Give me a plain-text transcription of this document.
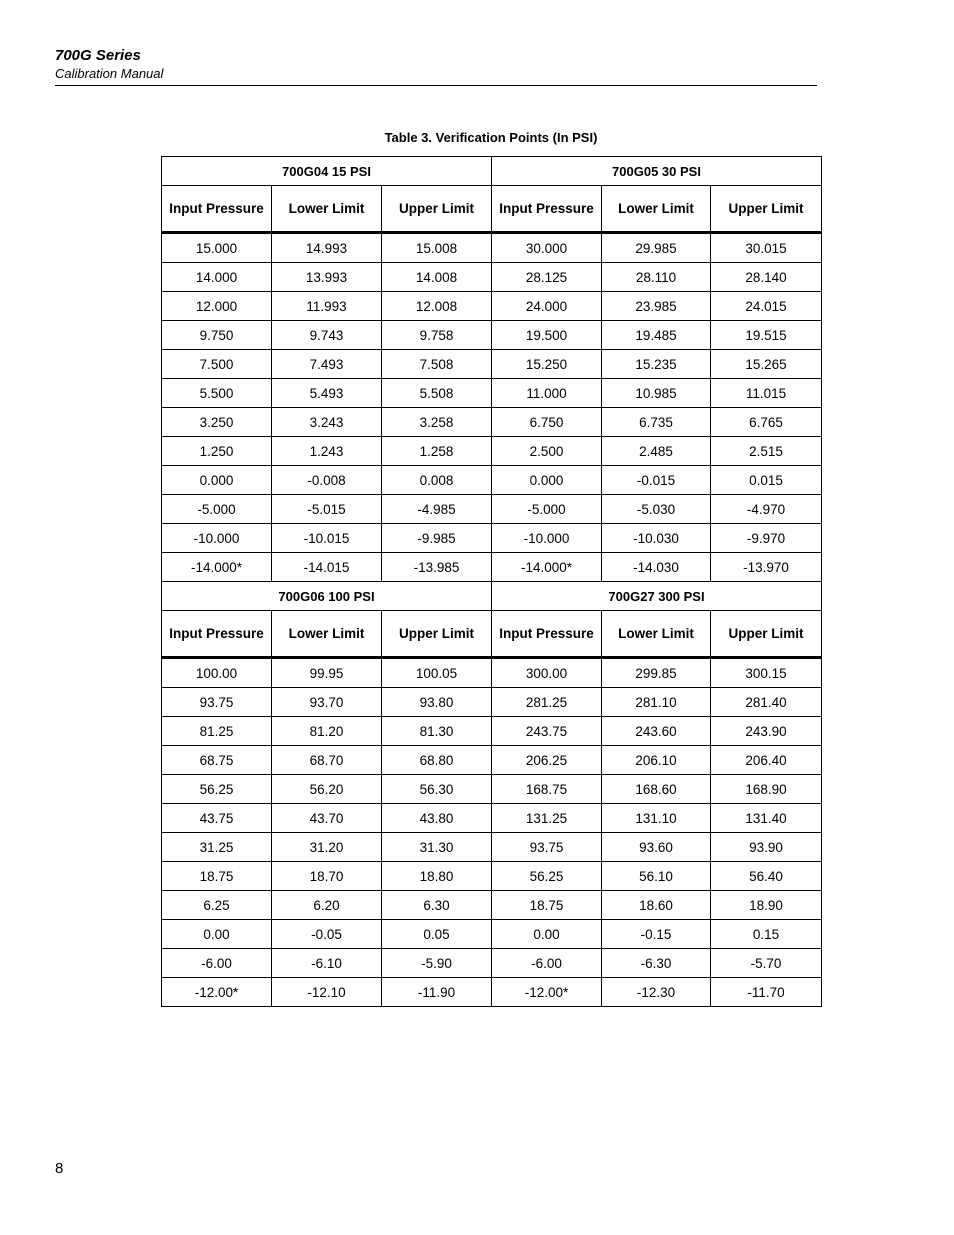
700G Series
Calibration Manual
Table 3. Verification Points (In PSI)
700G04 15 PSI			700G05 30 PSI		
Input Pressure	Lower Limit	Upper Limit	Input Pressure	Lower Limit	Upper Limit
15.000	14.993	15.008	30.000	29.985	30.015
14.000	13.993	14.008	28.125	28.110	28.140
12.000	11.993	12.008	24.000	23.985	24.015
9.750	9.743	9.758	19.500	19.485	19.515
7.500	7.493	7.508	15.250	15.235	15.265
5.500	5.493	5.508	11.000	10.985	11.015
3.250	3.243	3.258	6.750	6.735	6.765
1.250	1.243	1.258	2.500	2.485	2.515
0.000	-0.008	0.008	0.000	-0.015	0.015
-5.000	-5.015	-4.985	-5.000	-5.030	-4.970
-10.000	-10.015	-9.985	-10.000	-10.030	-9.970
-14.000*	-14.015	-13.985	-14.000*	-14.030	-13.970
700G06 100 PSI			700G27 300 PSI		
Input Pressure	Lower Limit	Upper Limit	Input Pressure	Lower Limit	Upper Limit
100.00	99.95	100.05	300.00	299.85	300.15
93.75	93.70	93.80	281.25	281.10	281.40
81.25	81.20	81.30	243.75	243.60	243.90
68.75	68.70	68.80	206.25	206.10	206.40
56.25	56.20	56.30	168.75	168.60	168.90
43.75	43.70	43.80	131.25	131.10	131.40
31.25	31.20	31.30	93.75	93.60	93.90
18.75	18.70	18.80	56.25	56.10	56.40
6.25	6.20	6.30	18.75	18.60	18.90
0.00	-0.05	0.05	0.00	-0.15	0.15
-6.00	-6.10	-5.90	-6.00	-6.30	-5.70
-12.00*	-12.10	-11.90	-12.00*	-12.30	-11.70
8
